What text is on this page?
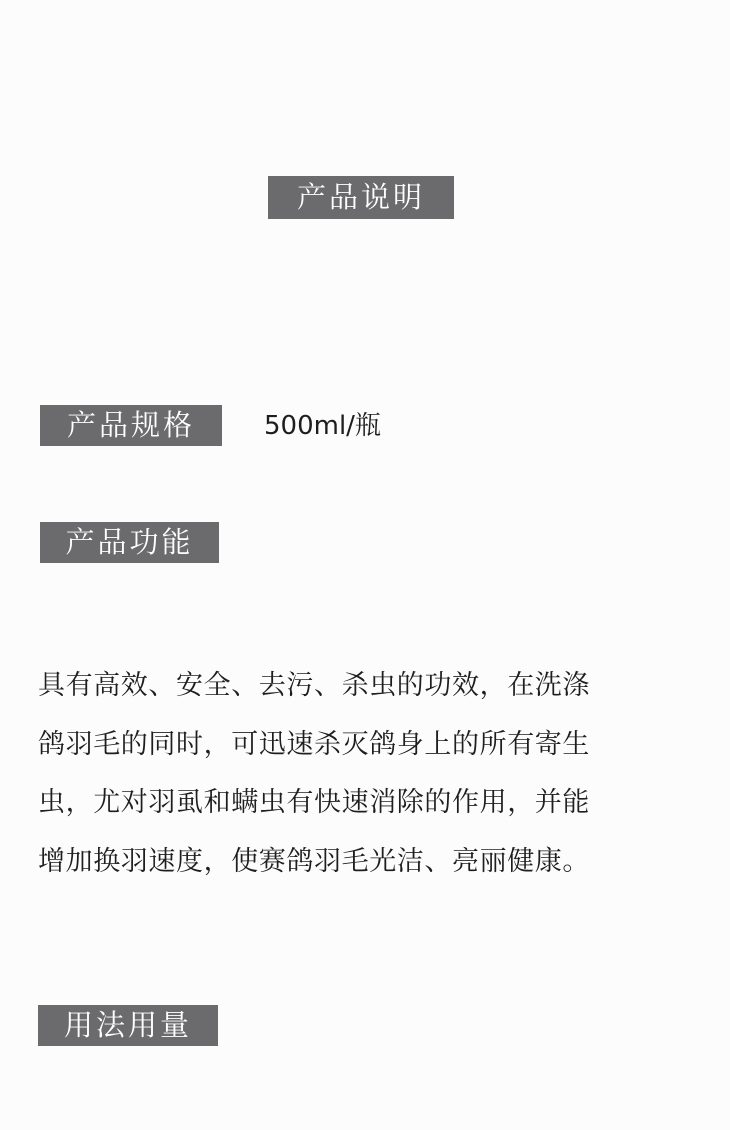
产品说明
产品规格	500ml/瓶
产品功能
具有高效、安全、去污、杀虫的功效，在洗涤
鸽羽毛的同时，可迅速杀灭鸽身上的所有寄生
虫，尤对羽虱和螨虫有快速消除的作用，并能
增加换羽速度，使赛鸽羽毛光洁、亮丽健康。
用法用量
